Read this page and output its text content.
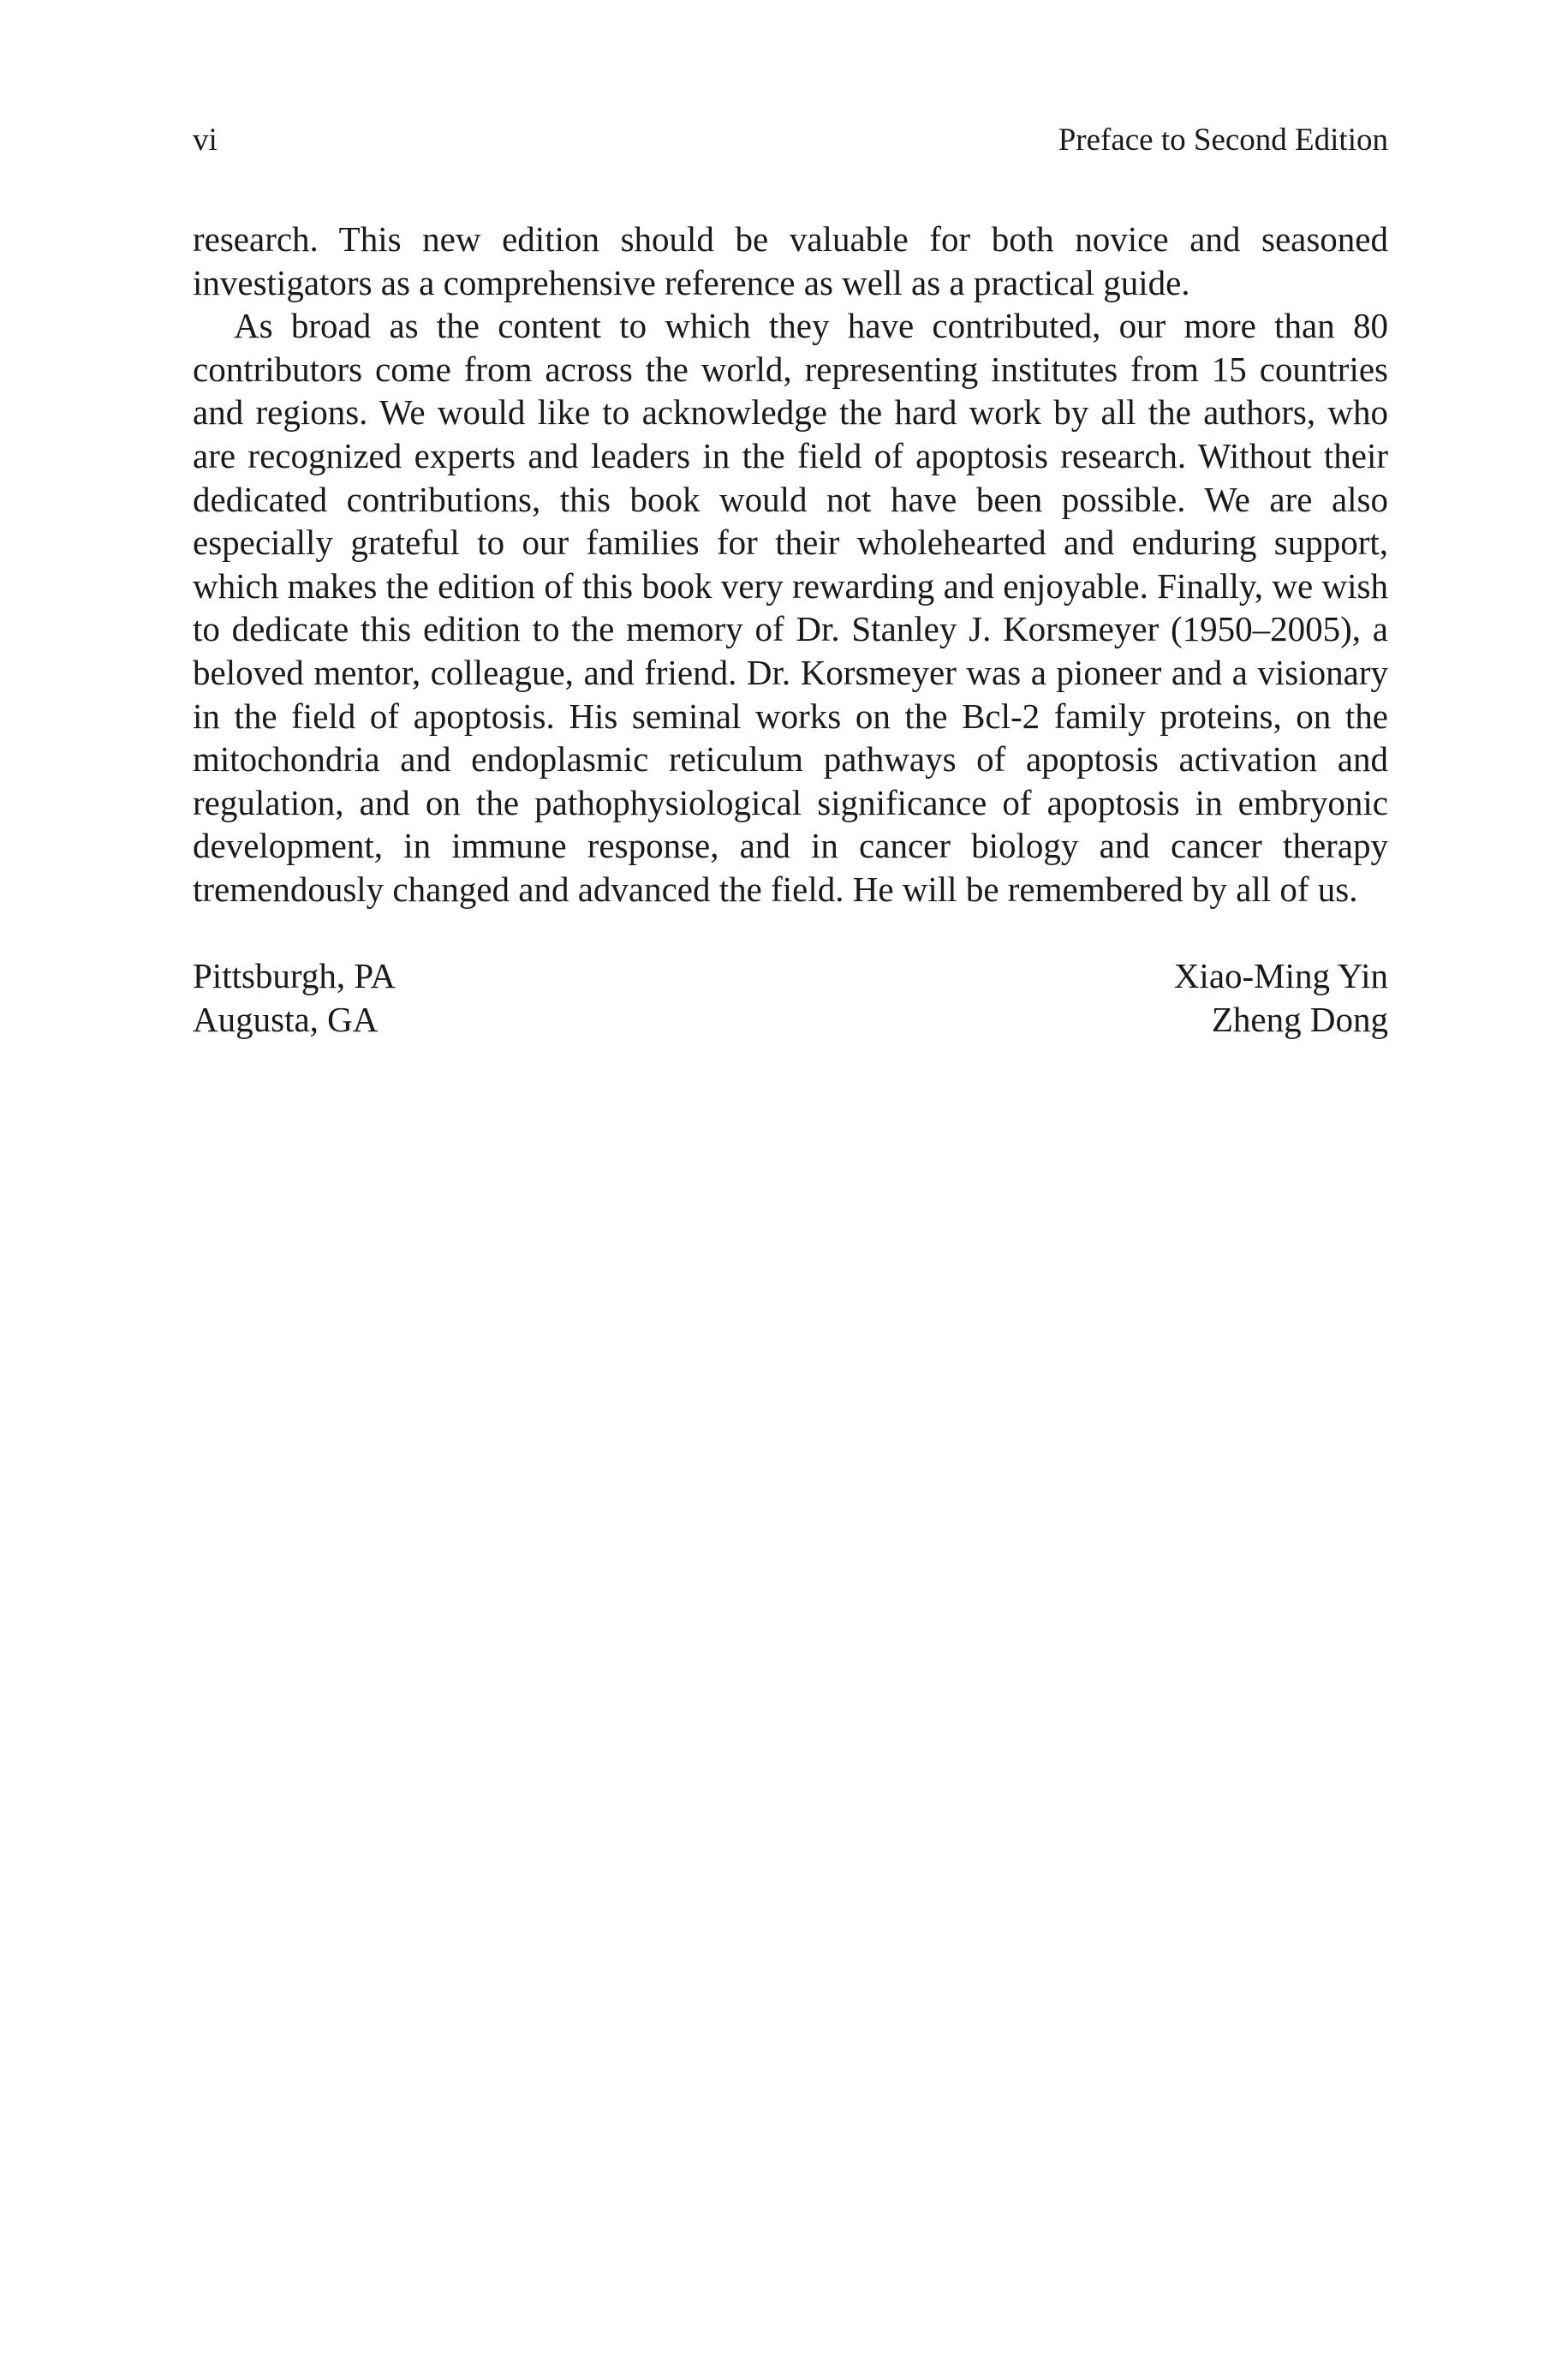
vi	Preface to Second Edition

research. This new edition should be valuable for both novice and seasoned investigators as a comprehensive reference as well as a practical guide.

As broad as the content to which they have contributed, our more than 80 contributors come from across the world, representing institutes from 15 countries and regions. We would like to acknowledge the hard work by all the authors, who are recognized experts and leaders in the field of apoptosis research. Without their dedicated contributions, this book would not have been possible. We are also especially grateful to our families for their wholehearted and enduring support, which makes the edition of this book very rewarding and enjoyable. Finally, we wish to dedicate this edition to the memory of Dr. Stanley J. Korsmeyer (1950–2005), a beloved mentor, colleague, and friend. Dr. Korsmeyer was a pioneer and a visionary in the field of apoptosis. His seminal works on the Bcl-2 family proteins, on the mitochondria and endoplasmic reticulum pathways of apoptosis activation and regulation, and on the pathophysiological significance of apoptosis in embryonic development, in immune response, and in cancer biology and cancer therapy tremendously changed and advanced the field. He will be remembered by all of us.

Pittsburgh, PA
Augusta, GA
Xiao-Ming Yin
Zheng Dong
